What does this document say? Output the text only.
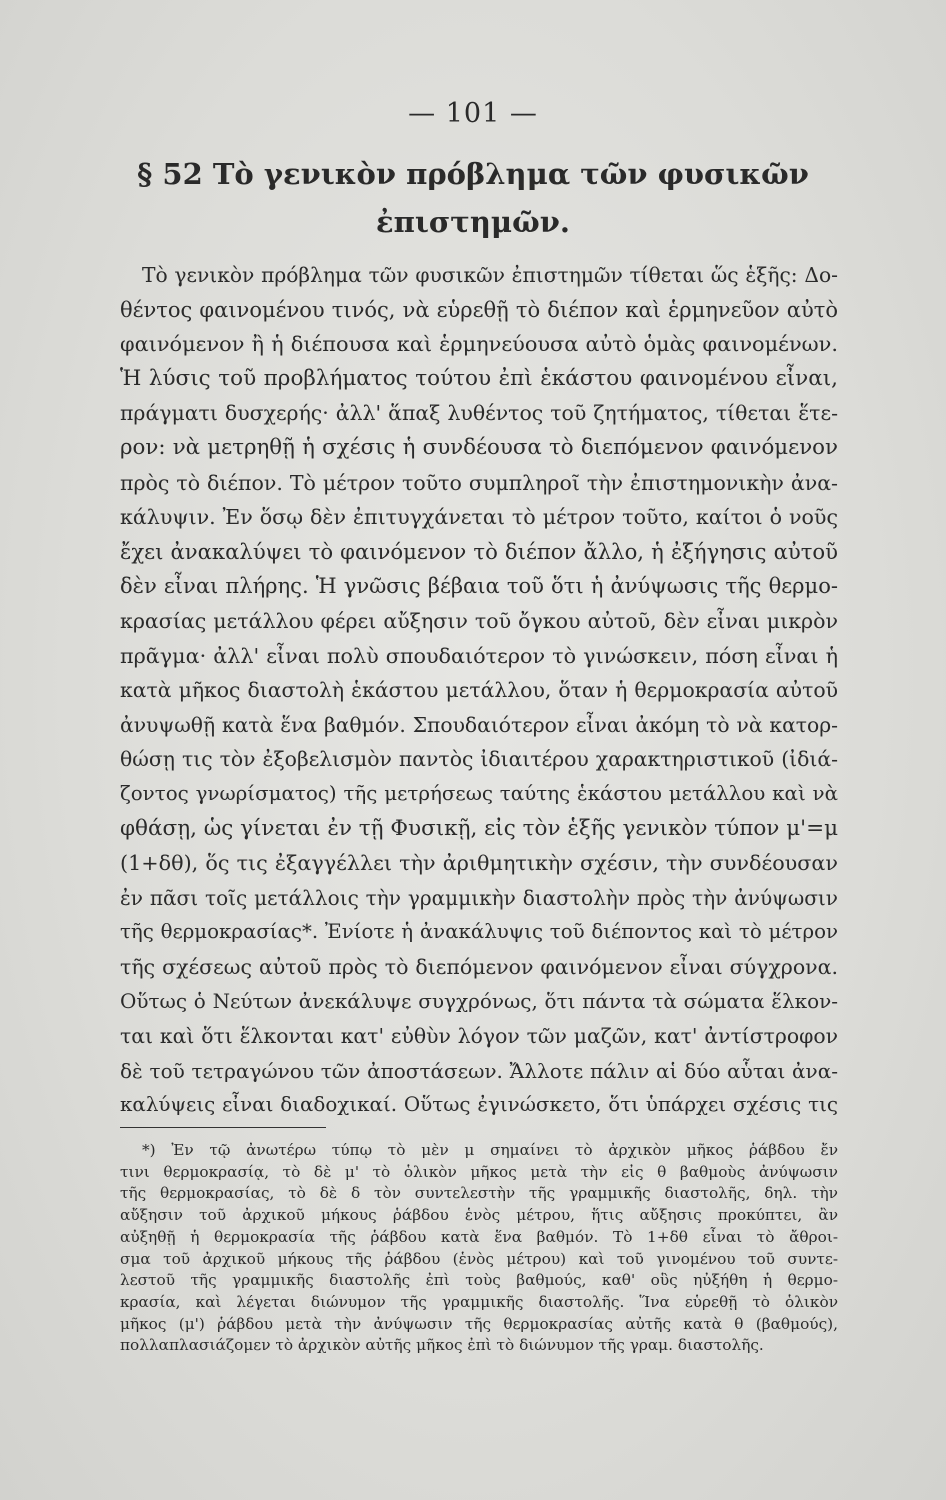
— 101 —
§ 52 Τὸ γενικὸν πρόβλημα τῶν φυσικῶν
ἐπιστημῶν.
Τὸ γενικὸν πρόβλημα τῶν φυσικῶν ἐπιστημῶν τίθεται ὥς ἑξῆς: Δο-
θέντος φαινομένου τινός, νὰ εὑρεθῇ τὸ διέπον καὶ ἑρμηνεῦον αὐτὸ
φαινόμενον ἢ ἡ διέπουσα καὶ ἑρμηνεύουσα αὐτὸ ὁμὰς φαινομένων.
Ἡ λύσις τοῦ προβλήματος τούτου ἐπὶ ἑκάστου φαινομένου εἶναι,
πράγματι δυσχερής· ἀλλ' ἅπαξ λυθέντος τοῦ ζητήματος, τίθεται ἕτε-
ρον: νὰ μετρηθῇ ἡ σχέσις ἡ συνδέουσα τὸ διεπόμενον φαινόμενον
πρὸς τὸ διέπον. Τὸ μέτρον τοῦτο συμπληροῖ τὴν ἐπιστημονικὴν ἀνα-
κάλυψιν. Ἐν ὅσῳ δὲν ἐπιτυγχάνεται τὸ μέτρον τοῦτο, καίτοι ὁ νοῦς
ἔχει ἀνακαλύψει τὸ φαινόμενον τὸ διέπον ἄλλο, ἡ ἐξήγησις αὐτοῦ
δὲν εἶναι πλήρης. Ἡ γνῶσις βέβαια τοῦ ὅτι ἡ ἀνύψωσις τῆς θερμο-
κρασίας μετάλλου φέρει αὔξησιν τοῦ ὄγκου αὐτοῦ, δὲν εἶναι μικρὸν
πρᾶγμα· ἀλλ' εἶναι πολὺ σπουδαιότερον τὸ γινώσκειν, πόση εἶναι ἡ
κατὰ μῆκος διαστολὴ ἑκάστου μετάλλου, ὅταν ἡ θερμοκρασία αὐτοῦ
ἀνυψωθῇ κατὰ ἕνα βαθμόν. Σπουδαιότερον εἶναι ἀκόμη τὸ νὰ κατορ-
θώσῃ τις τὸν ἐξοβελισμὸν παντὸς ἰδιαιτέρου χαρακτηριστικοῦ (ἰδιά-
ζοντος γνωρίσματος) τῆς μετρήσεως ταύτης ἑκάστου μετάλλου καὶ νὰ
φθάσῃ, ὡς γίνεται ἐν τῇ Φυσικῇ, εἰς τὸν ἑξῆς γενικὸν τύπον μ'=μ
(1+δθ), ὅς τις ἐξαγγέλλει τὴν ἀριθμητικὴν σχέσιν, τὴν συνδέουσαν
ἐν πᾶσι τοῖς μετάλλοις τὴν γραμμικὴν διαστολὴν πρὸς τὴν ἀνύψωσιν
τῆς θερμοκρασίας*. Ἐνίοτε ἡ ἀνακάλυψις τοῦ διέποντος καὶ τὸ μέτρον
τῆς σχέσεως αὐτοῦ πρὸς τὸ διεπόμενον φαινόμενον εἶναι σύγχρονα.
Οὕτως ὁ Νεύτων ἀνεκάλυψε συγχρόνως, ὅτι πάντα τὰ σώματα ἕλκον-
ται καὶ ὅτι ἕλκονται κατ' εὐθὺν λόγον τῶν μαζῶν, κατ' ἀντίστροφον
δὲ τοῦ τετραγώνου τῶν ἀποστάσεων. Ἄλλοτε πάλιν αἱ δύο αὗται ἀνα-
καλύψεις εἶναι διαδοχικαί. Οὕτως ἐγινώσκετο, ὅτι ὑπάρχει σχέσις τις
*) Ἐν τῷ ἀνωτέρω τύπῳ τὸ μὲν μ σημαίνει τὸ ἀρχικὸν μῆκος ῥάβδου ἔν
τινι θερμοκρασίᾳ, τὸ δὲ μ' τὸ ὁλικὸν μῆκος μετὰ τὴν εἰς θ βαθμοὺς ἀνύψωσιν
τῆς θερμοκρασίας, τὸ δὲ δ τὸν συντελεστὴν τῆς γραμμικῆς διαστολῆς, δηλ. τὴν
αὔξησιν τοῦ ἀρχικοῦ μήκους ῥάβδου ἑνὸς μέτρου, ἥτις αὔξησις προκύπτει, ἂν
αὐξηθῇ ἡ θερμοκρασία τῆς ῥάβδου κατὰ ἕνα βαθμόν. Τὸ 1+δθ εἶναι τὸ ἄθροι-
σμα τοῦ ἀρχικοῦ μήκους τῆς ῥάβδου (ἑνὸς μέτρου) καὶ τοῦ γινομένου τοῦ συντε-
λεστοῦ τῆς γραμμικῆς διαστολῆς ἐπὶ τοὺς βαθμούς, καθ' οὓς ηὐξήθη ἡ θερμο-
κρασία, καὶ λέγεται διώνυμον τῆς γραμμικῆς διαστολῆς. Ἵνα εὑρεθῇ τὸ ὁλικὸν
μῆκος (μ') ῥάβδου μετὰ τὴν ἀνύψωσιν τῆς θερμοκρασίας αὐτῆς κατὰ θ (βαθμούς),
πολλαπλασιάζομεν τὸ ἀρχικὸν αὐτῆς μῆκος ἐπὶ τὸ διώνυμον τῆς γραμ. διαστολῆς.
